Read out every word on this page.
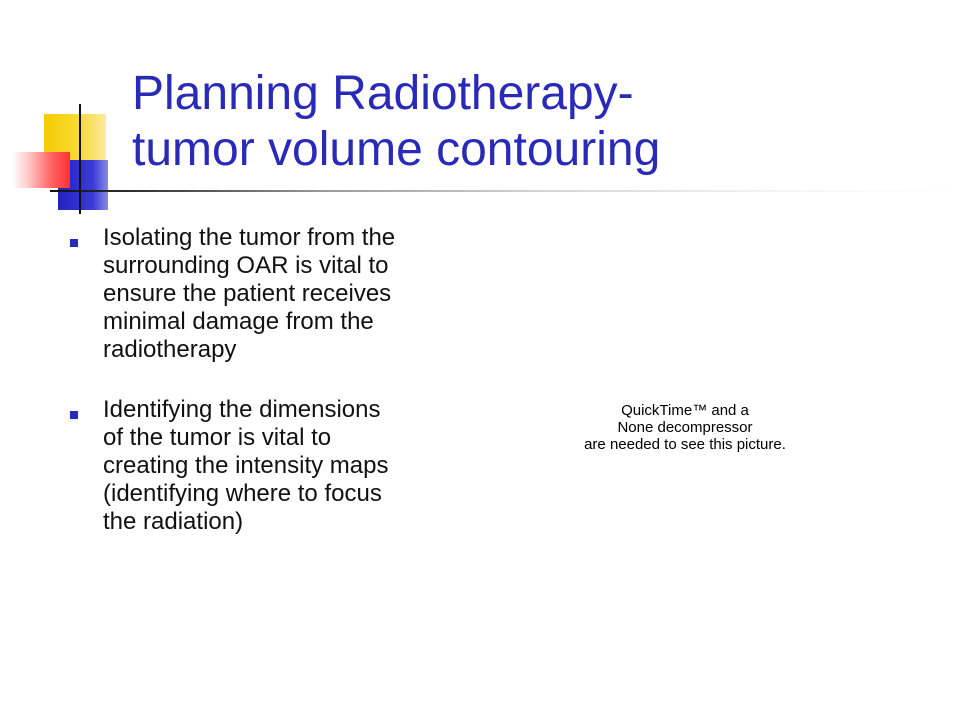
Planning Radiotherapy-
tumor volume contouring
Isolating the tumor from the
surrounding OAR is vital to
ensure the patient receives
minimal damage from the
radiotherapy
Identifying the dimensions
of the tumor is vital to
creating the intensity maps
(identifying where to focus
the radiation)
QuickTime™ and a
None decompressor
are needed to see this picture.
